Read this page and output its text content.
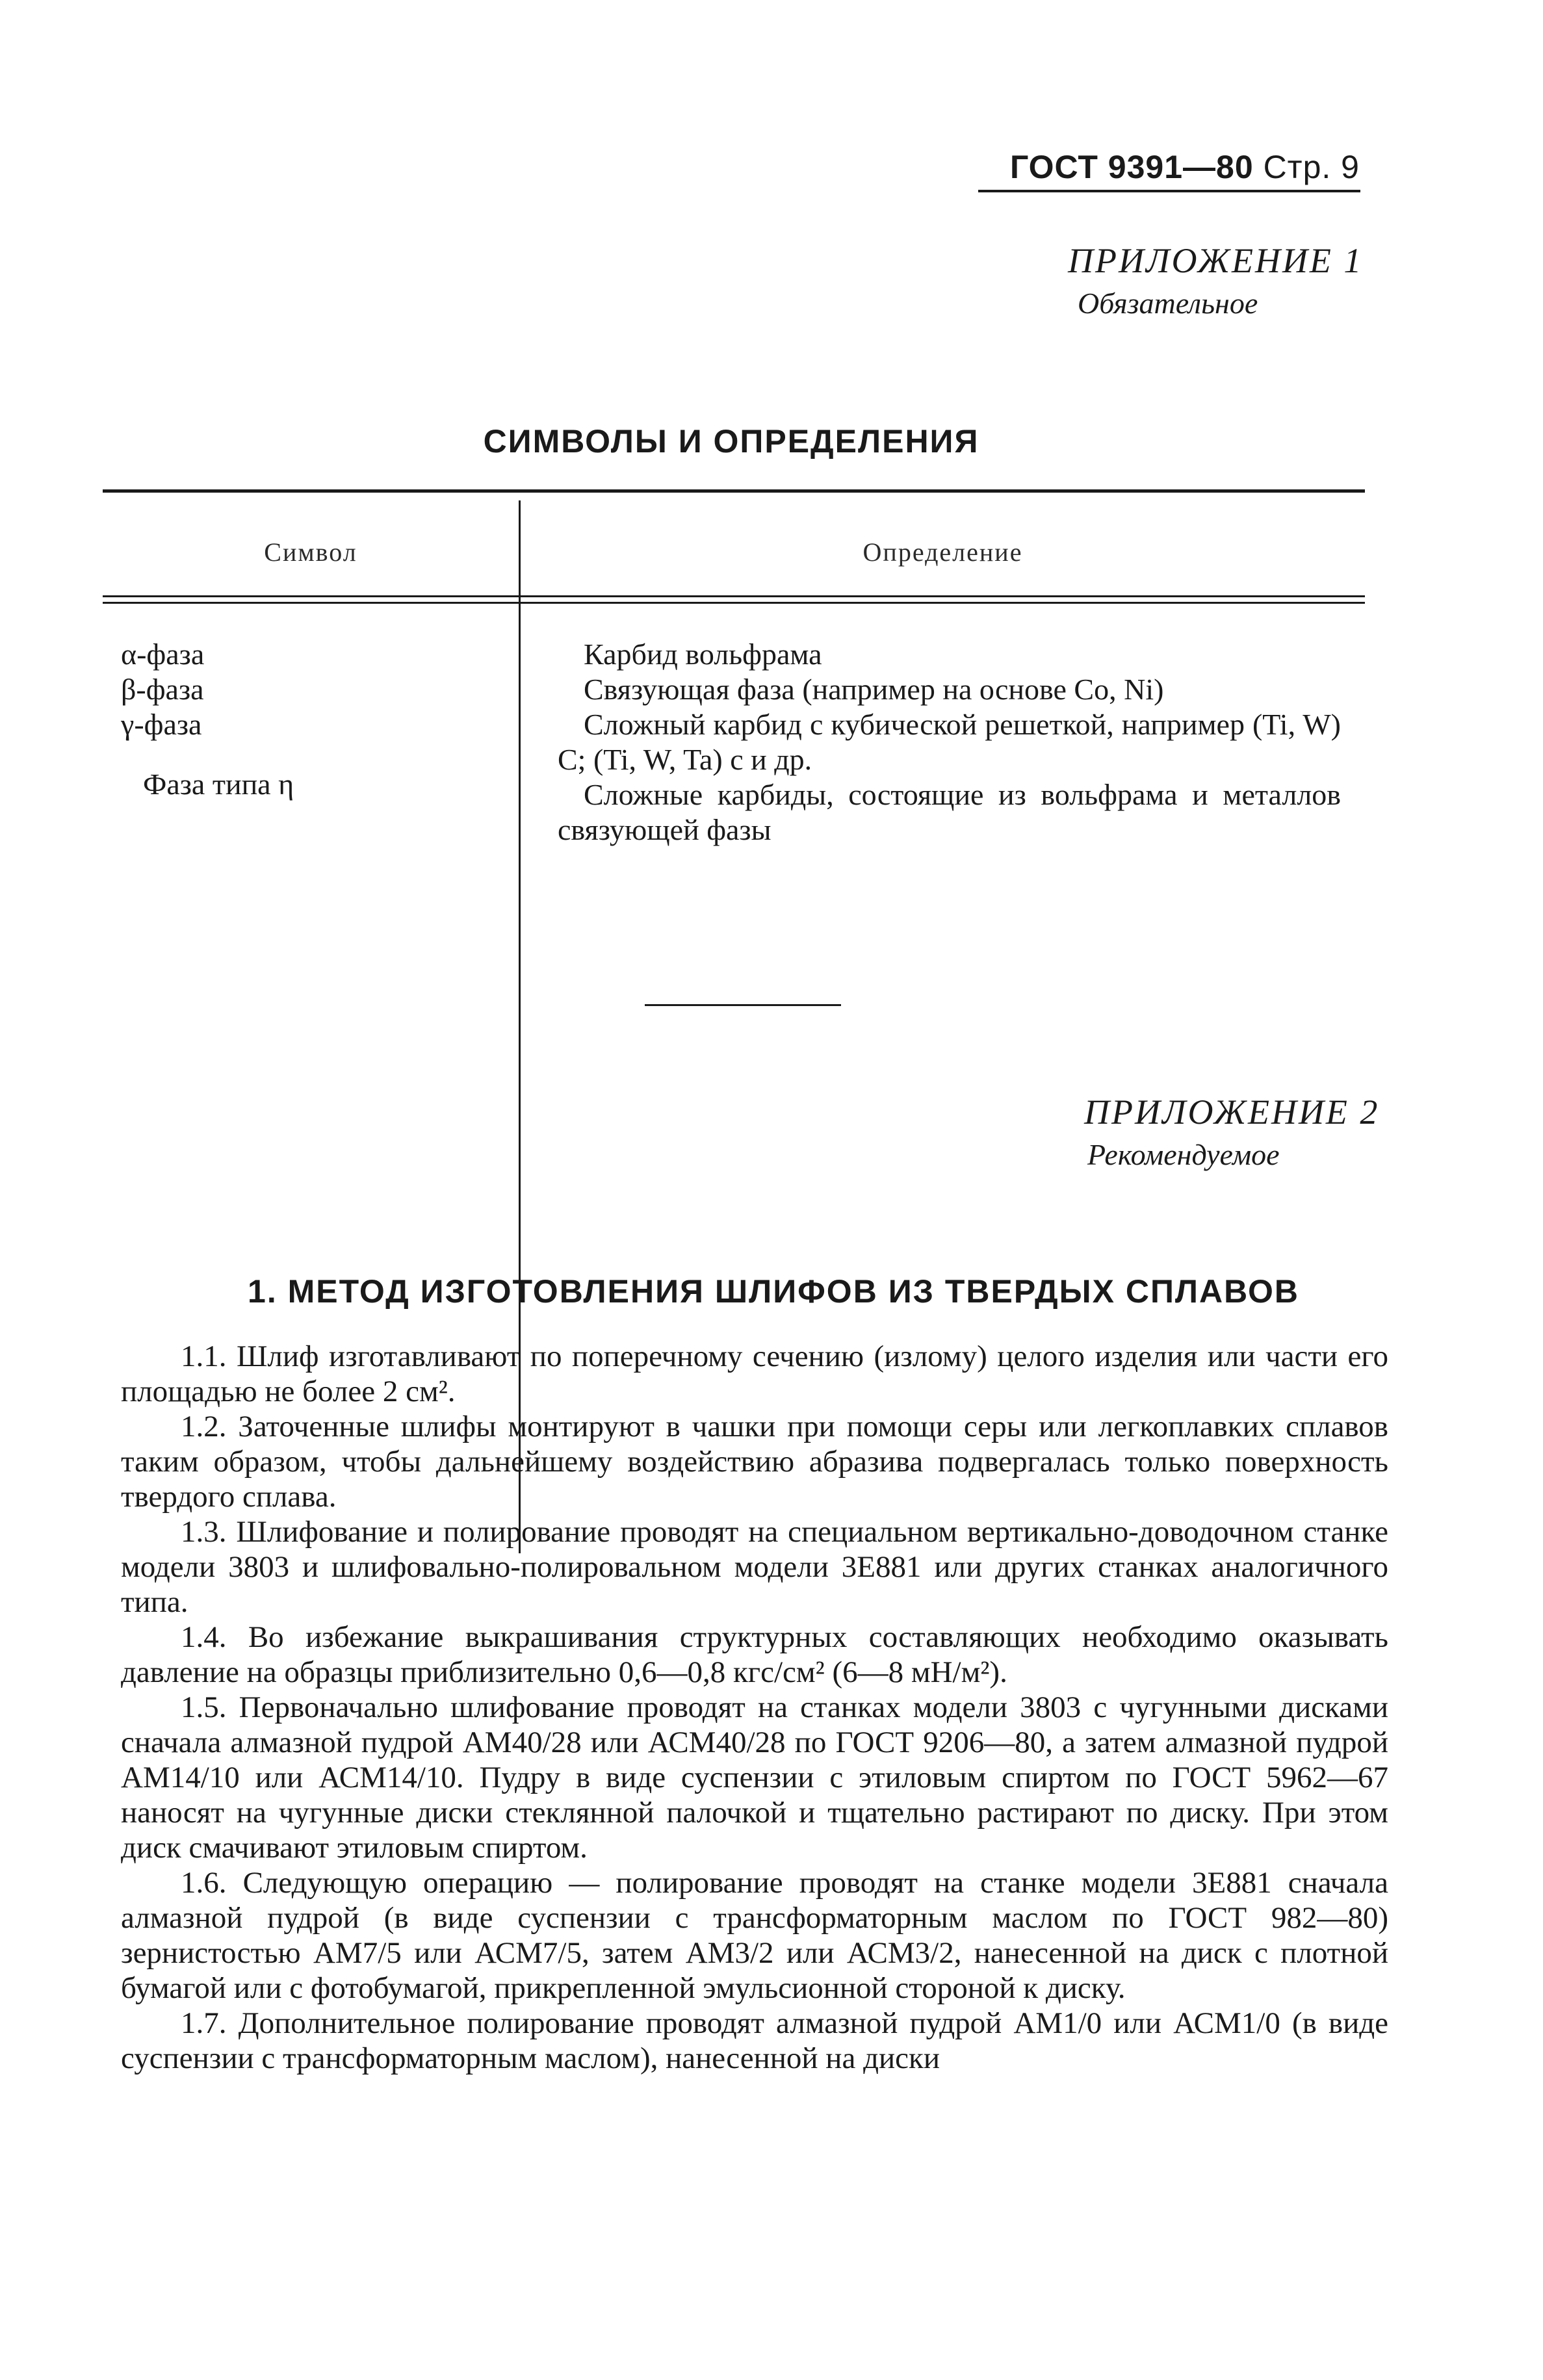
ГОСТ 9391—80 Стр. 9
ПРИЛОЖЕНИЕ 1
Обязательное
СИМВОЛЫ И ОПРЕДЕЛЕНИЯ
Символ	Определение
α-фаза
β-фаза
γ-фаза
Фаза типа η
Карбид вольфрама
Связующая фаза (например на основе Co, Ni)
Сложный карбид с кубической решеткой, например (Ti, W) C; (Ti, W, Ta) с и др.
Сложные карбиды, состоящие из вольфрама и металлов связующей фазы
ПРИЛОЖЕНИЕ 2
Рекомендуемое
1. МЕТОД ИЗГОТОВЛЕНИЯ ШЛИФОВ ИЗ ТВЕРДЫХ СПЛАВОВ

1.1. Шлиф изготавливают по поперечному сечению (излому) целого изделия или части его площадью не более 2 см².

1.2. Заточенные шлифы монтируют в чашки при помощи серы или легкоплавких сплавов таким образом, чтобы дальнейшему воздействию абразива подвергалась только поверхность твердого сплава.

1.3. Шлифование и полирование проводят на специальном вертикально-доводочном станке модели 3803 и шлифовально-полировальном модели 3Е881 или других станках аналогичного типа.

1.4. Во избежание выкрашивания структурных составляющих необходимо оказывать давление на образцы приблизительно 0,6—0,8 кгс/см² (6—8 мН/м²).

1.5. Первоначально шлифование проводят на станках модели 3803 с чугунными дисками сначала алмазной пудрой АМ40/28 или АСМ40/28 по ГОСТ 9206—80, а затем алмазной пудрой АМ14/10 или АСМ14/10. Пудру в виде суспензии с этиловым спиртом по ГОСТ 5962—67 наносят на чугунные диски стеклянной палочкой и тщательно растирают по диску. При этом диск смачивают этиловым спиртом.

1.6. Следующую операцию — полирование проводят на станке модели 3Е881 сначала алмазной пудрой (в виде суспензии с трансформаторным маслом по ГОСТ 982—80) зернистостью АМ7/5 или АСМ7/5, затем АМ3/2 или АСМ3/2, нанесенной на диск с плотной бумагой или с фотобумагой, прикрепленной эмульсионной стороной к диску.

1.7. Дополнительное полирование проводят алмазной пудрой АМ1/0 или АСМ1/0 (в виде суспензии с трансформаторным маслом), нанесенной на диски
